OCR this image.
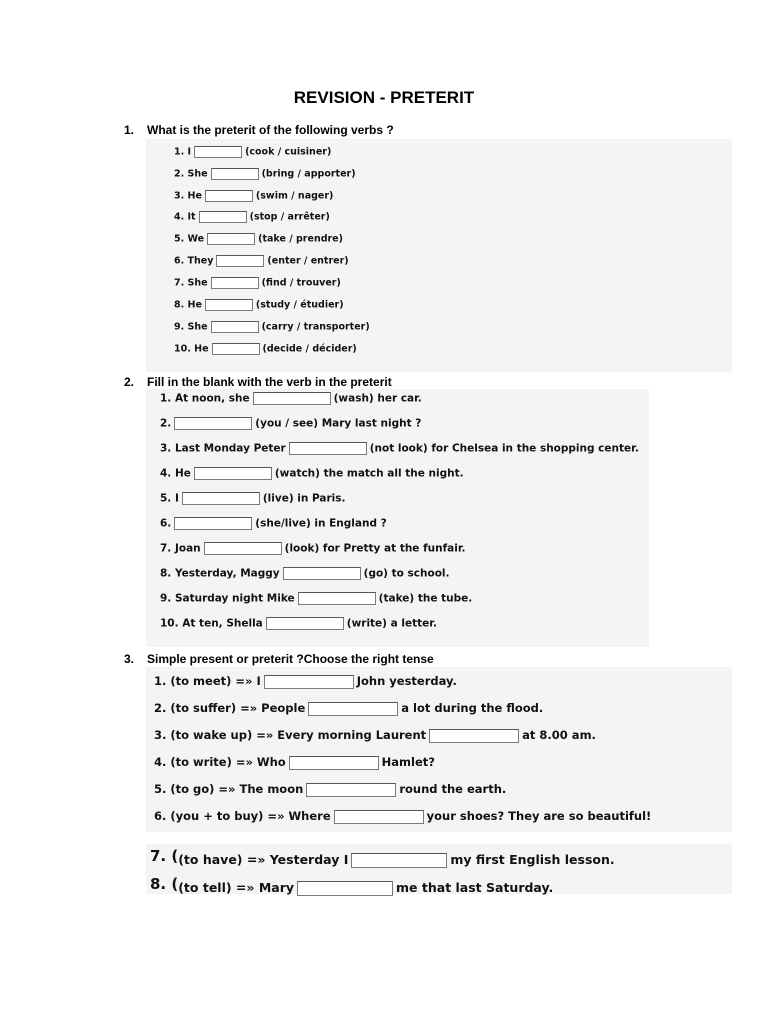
REVISION - PRETERIT
1. What is the preterit of the following verbs ?
1. I	(cook / cuisiner)
2. She	(bring / apporter)
3. He	(swim / nager)
4. It	(stop / arrêter)
5. We	(take / prendre)
6. They	(enter / entrer)
7. She	(find / trouver)
8. He	(study / étudier)
9. She	(carry / transporter)
10. He	(decide / décider)
2. Fill in the blank with the verb in the preterit
1. At noon, she	(wash) her car.
2.	(you / see) Mary last night ?
3. Last Monday Peter	(not look) for Chelsea in the shopping center.
4. He	(watch) the match all the night.
5. I	(live) in Paris.
6.	(she/live) in England ?
7. Joan	(look) for Pretty at the funfair.
8. Yesterday, Maggy	(go) to school.
9. Saturday night Mike	(take) the tube.
10. At ten, Shella	(write) a letter.
3. Simple present or preterit ?Choose the right tense
1. (to meet) =» I	John yesterday.
2. (to suffer) =» People	a lot during the flood.
3. (to wake up) =» Every morning Laurent	at 8.00 am.
4. (to write) =» Who	Hamlet?
5. (to go) =» The moon	round the earth.
6. (you + to buy) =» Where	your shoes? They are so beautiful!
7. ((to have) =» Yesterday I	my first English lesson.
8. ((to tell) =» Mary	me that last Saturday.
